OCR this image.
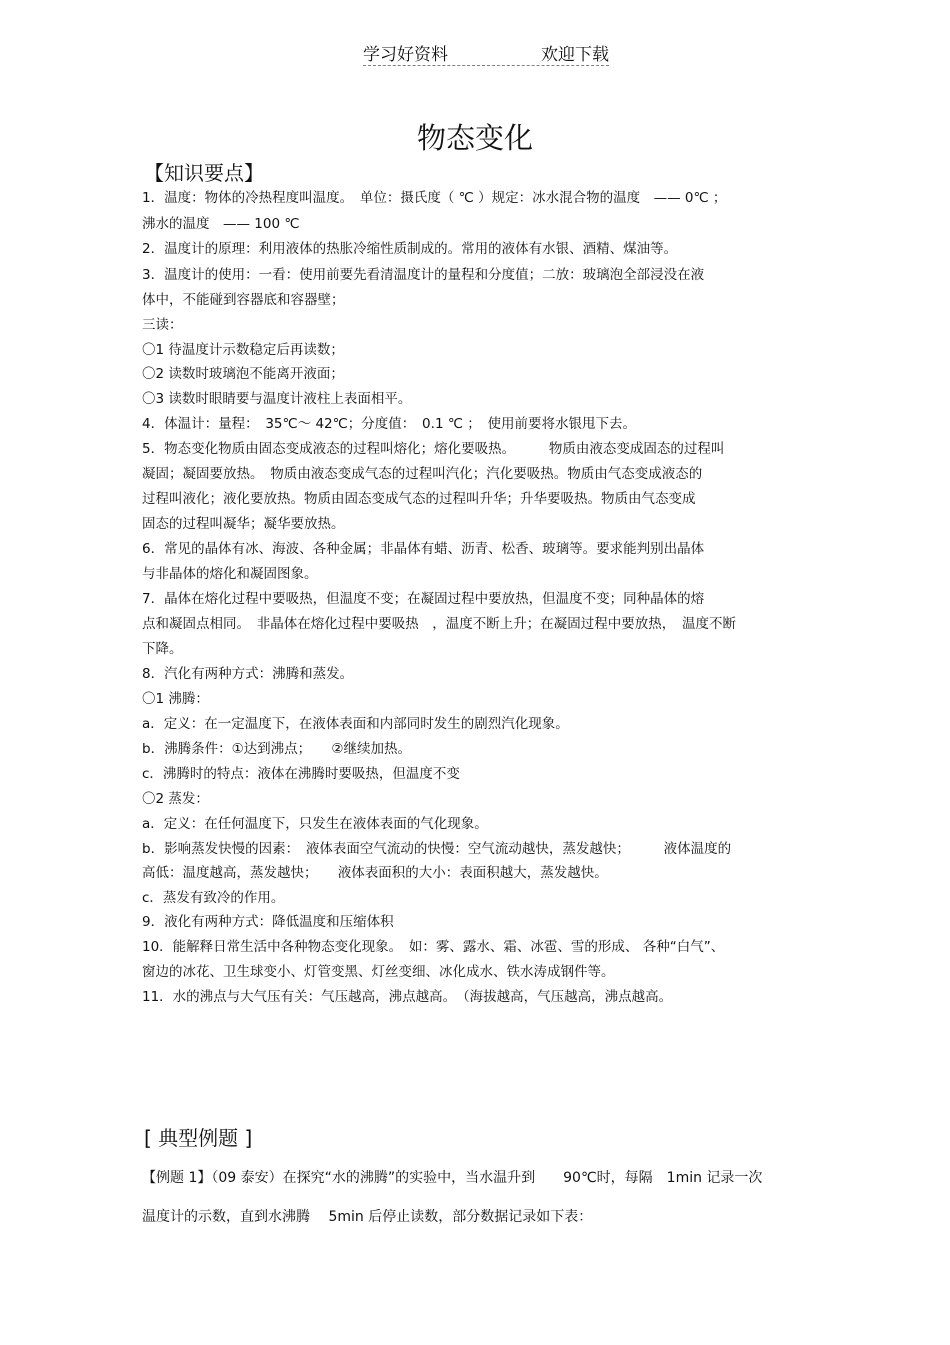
学习好资料	欢迎下载
物态变化
【知识要点】
1．温度：物体的冷热程度叫温度。　单位：摄氏度（ ℃ ）规定：冰水混合物的温度　—— 0℃ ；
沸水的温度　—— 100 ℃
2．温度计的原理：利用液体的热胀冷缩性质制成的。常用的液体有水银、酒精、煤油等。
3．温度计的使用：一看：使用前要先看清温度计的量程和分度值；二放：玻璃泡全部浸没在液
体中，不能碰到容器底和容器壁；
三读：
〇1 待温度计示数稳定后再读数；
〇2 读数时玻璃泡不能离开液面；
〇3 读数时眼睛要与温度计液柱上表面相平。
4．体温计：量程：　35℃～ 42℃；分度值：　0.1 ℃ ；　使用前要将水银甩下去。
5．物态变化物质由固态变成液态的过程叫熔化；熔化要吸热。　　　物质由液态变成固态的过程叫
凝固；凝固要放热。　物质由液态变成气态的过程叫汽化；汽化要吸热。物质由气态变成液态的
过程叫液化；液化要放热。物质由固态变成气态的过程叫升华；升华要吸热。物质由气态变成
固态的过程叫凝华；凝华要放热。
6．常见的晶体有冰、海波、各种金属；非晶体有蜡、沥青、松香、玻璃等。要求能判别出晶体
与非晶体的熔化和凝固图象。
7．晶体在熔化过程中要吸热，但温度不变；在凝固过程中要放热，但温度不变；同种晶体的熔
点和凝固点相同。　非晶体在熔化过程中要吸热　，温度不断上升；在凝固过程中要放热，　温度不断
下降。
8．汽化有两种方式：沸腾和蒸发。
〇1 沸腾：
a．定义：在一定温度下，在液体表面和内部同时发生的剧烈汽化现象。
b．沸腾条件：①达到沸点；　　②继续加热。
c．沸腾时的特点：液体在沸腾时要吸热，但温度不变
〇2 蒸发：
a．定义：在任何温度下，只发生在液体表面的气化现象。
b．影响蒸发快慢的因素：　液体表面空气流动的快慢：空气流动越快，蒸发越快；　　　液体温度的
高低：温度越高，蒸发越快；　　液体表面积的大小：表面积越大，蒸发越快。
c．蒸发有致冷的作用。
9．液化有两种方式：降低温度和压缩体积
10．能解释日常生活中各种物态变化现象。　如：雾、露水、霜、冰雹、雪的形成、 各种“白气”、
窗边的冰花、卫生球变小、灯管变黑、灯丝变细、冰化成水、铁水涛成钢件等。
11．水的沸点与大气压有关：气压越高，沸点越高。　（海拔越高，气压越高，沸点越高。
[ 典型例题 ]
【例题 1】（09 泰安）在探究“水的沸腾”的实验中，当水温升到　　90℃时，每隔　1min 记录一次
温度计的示数，直到水沸腾　 5min 后停止读数，部分数据记录如下表：
